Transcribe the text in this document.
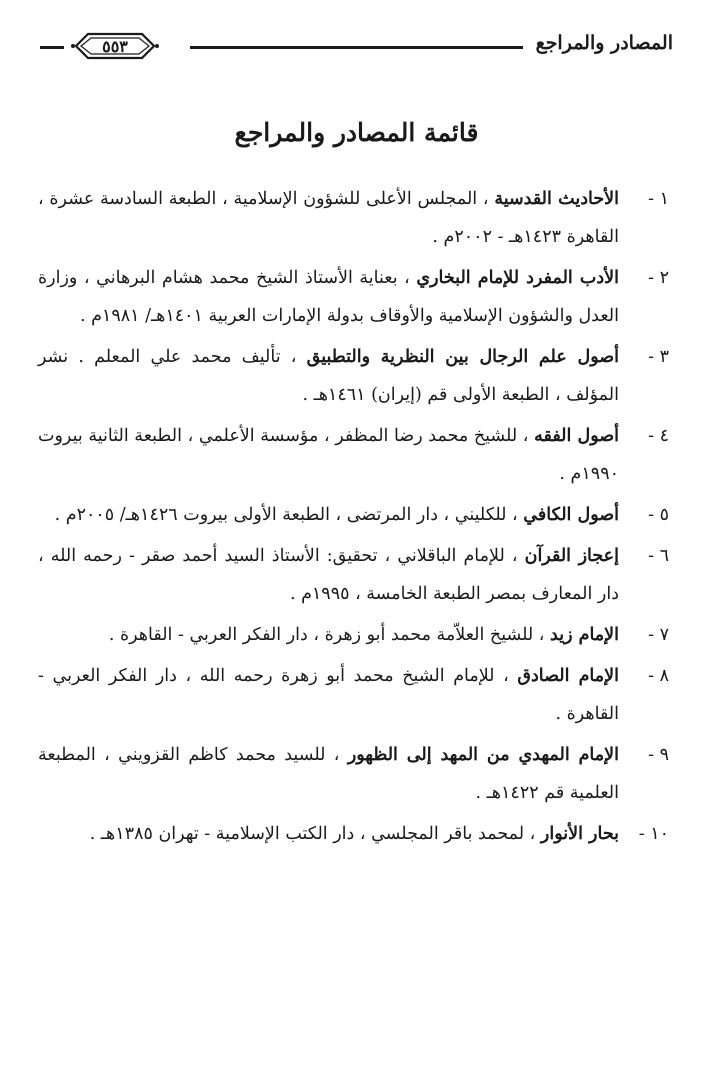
٥٥٣	المصادر والمراجع
قائمة المصادر والمراجع
١ -
الأحاديث القدسية ، المجلس الأعلى للشؤون الإسلامية ، الطبعة السادسة عشرة ، القاهرة ١٤٢٣هـ - ٢٠٠٢م .
٢ -
الأدب المفرد للإمام البخاري ، بعناية الأستاذ الشيخ محمد هشام البرهاني ، وزارة العدل والشؤون الإسلامية والأوقاف بدولة الإمارات العربية ١٤٠١هـ/ ١٩٨١م .
٣ -
أصول علم الرجال بين النظرية والتطبيق ، تأليف محمد علي المعلم . نشر المؤلف ، الطبعة الأولى قم (إيران) ١٤٦١هـ .
٤ -
أصول الفقه ، للشيخ محمد رضا المظفر ، مؤسسة الأعلمي ، الطبعة الثانية بيروت ١٩٩٠م .
٥ -
أصول الكافي ، للكليني ، دار المرتضى ، الطبعة الأولى بيروت ١٤٢٦هـ/ ٢٠٠٥م .
٦ -
إعجاز القرآن ، للإمام الباقلاني ، تحقيق: الأستاذ السيد أحمد صقر - رحمه الله ، دار المعارف بمصر الطبعة الخامسة ، ١٩٩٥م .
٧ -
الإمام زيد ، للشيخ العلاّمة محمد أبو زهرة ، دار الفكر العربي - القاهرة .
٨ -
الإمام الصادق ، للإمام الشيخ محمد أبو زهرة رحمه الله ، دار الفكر العربي - القاهرة .
٩ -
الإمام المهدي من المهد إلى الظهور ، للسيد محمد كاظم القزويني ، المطبعة العلمية قم ١٤٢٢هـ .
١٠ -
بحار الأنوار ، لمحمد باقر المجلسي ، دار الكتب الإسلامية - تهران ١٣٨٥هـ .
